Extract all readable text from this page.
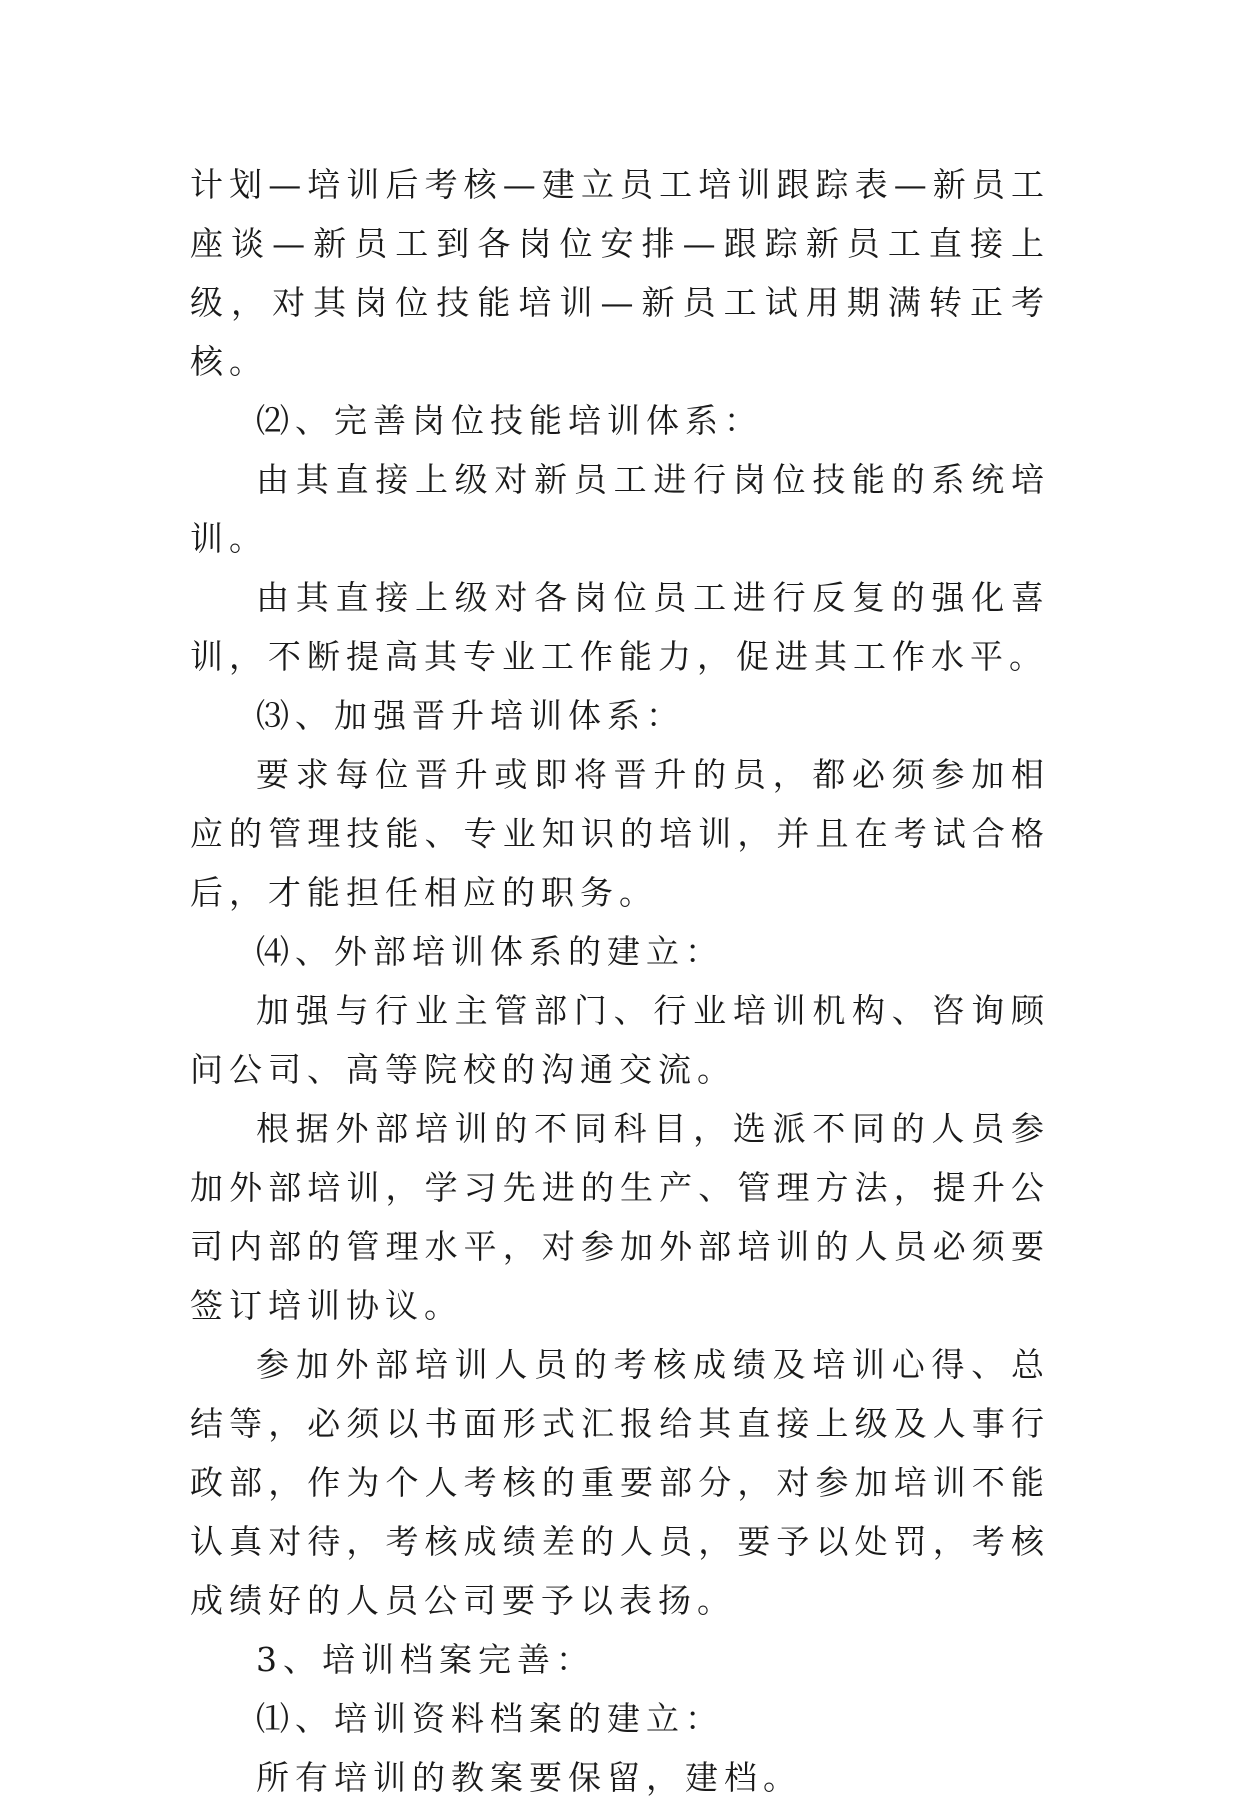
计划—培训后考核—建立员工培训跟踪表—新员工座谈—新员工到各岗位安排—跟踪新员工直接上级，对其岗位技能培训—新员工试用期满转正考核。

⑵、完善岗位技能培训体系：

由其直接上级对新员工进行岗位技能的系统培训。

由其直接上级对各岗位员工进行反复的强化喜训，不断提高其专业工作能力，促进其工作水平。

⑶、加强晋升培训体系：

要求每位晋升或即将晋升的员，都必须参加相应的管理技能、专业知识的培训，并且在考试合格后，才能担任相应的职务。

⑷、外部培训体系的建立：

加强与行业主管部门、行业培训机构、咨询顾问公司、高等院校的沟通交流。

根据外部培训的不同科目，选派不同的人员参加外部培训，学习先进的生产、管理方法，提升公司内部的管理水平，对参加外部培训的人员必须要签订培训协议。

参加外部培训人员的考核成绩及培训心得、总结等，必须以书面形式汇报给其直接上级及人事行政部，作为个人考核的重要部分，对参加培训不能认真对待，考核成绩差的人员，要予以处罚，考核成绩好的人员公司要予以表扬。

3、培训档案完善：

⑴、培训资料档案的建立：

所有培训的教案要保留，建档。
